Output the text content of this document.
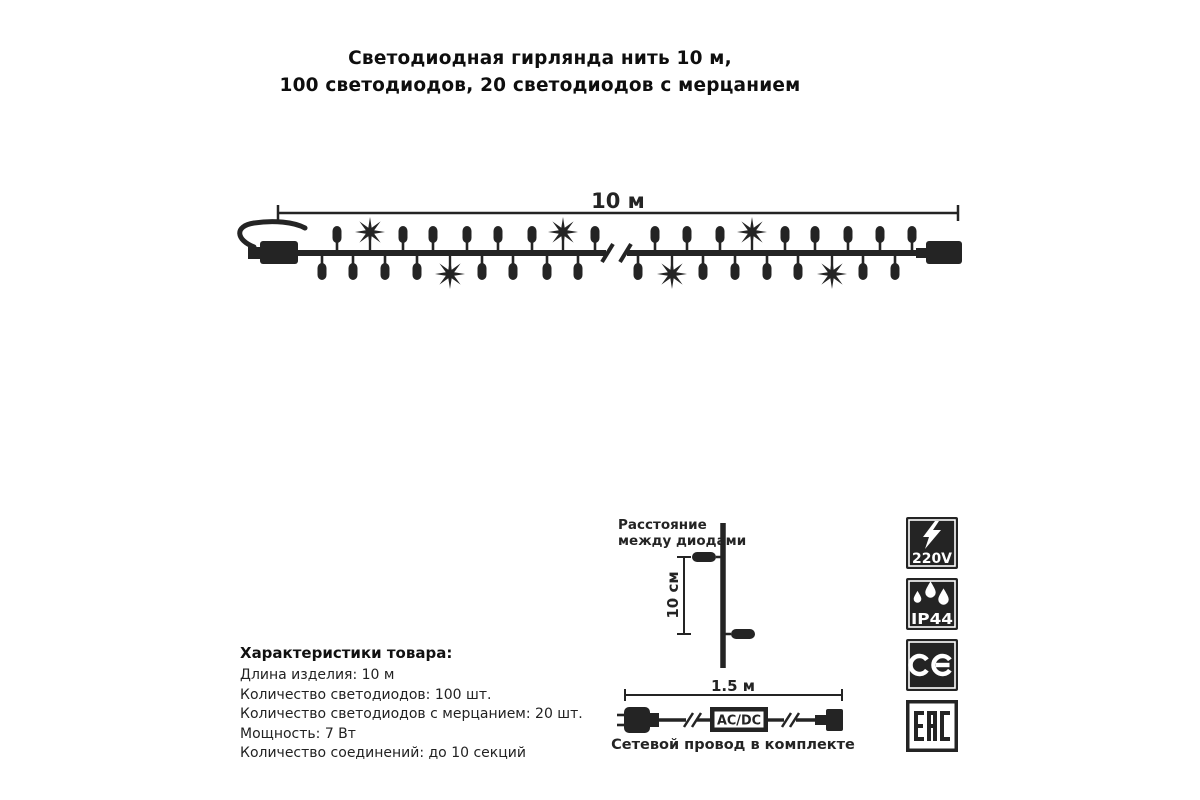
Светодиодная гирлянда нить 10 м,
100 светодиодов, 20 светодиодов с мерцанием
10 м
Расстояние
между диодами
10 см
Характеристики товара:
Длина изделия: 10 м
Количество светодиодов: 100 шт.
Количество светодиодов с мерцанием: 20 шт.
Мощность: 7 Вт
Количество соединений: до 10 секций
1.5 м
AC/DC
Сетевой провод в комплекте
220V
IP44
